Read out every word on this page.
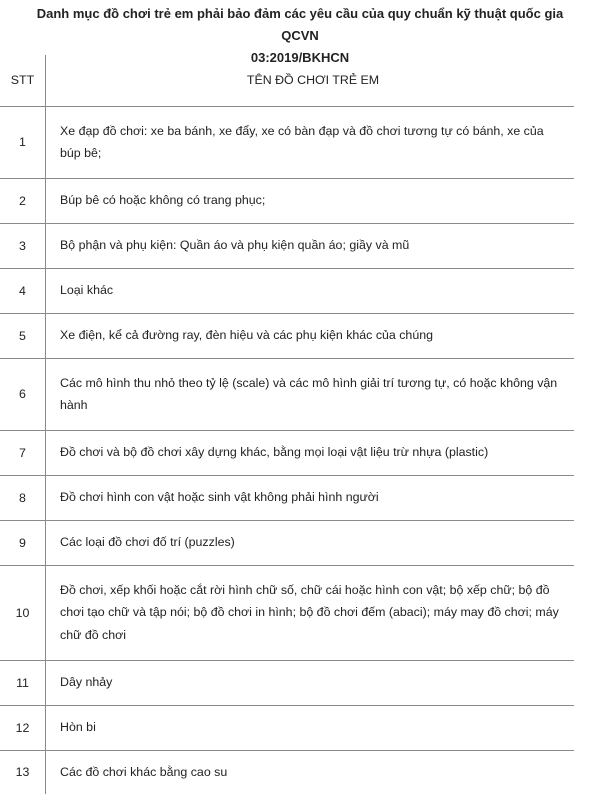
Danh mục đồ chơi trẻ em phải bảo đảm các yêu cầu của quy chuẩn kỹ thuật quốc gia QCVN
03:2019/BKHCN
STT	TÊN ĐỒ CHƠI TRẺ EM
1	Xe đạp đồ chơi: xe ba bánh, xe đẩy, xe có bàn đạp và đồ chơi tương tự có bánh, xe của búp bê;
2	Búp bê có hoặc không có trang phục;
3	Bộ phận và phụ kiện: Quần áo và phụ kiện quần áo; giầy và mũ
4	Loại khác
5	Xe điện, kể cả đường ray, đèn hiệu và các phụ kiện khác của chúng
6	Các mô hình thu nhỏ theo tỷ lệ (scale) và các mô hình giải trí tương tự, có hoặc không vận hành
7	Đồ chơi và bộ đồ chơi xây dựng khác, bằng mọi loại vật liệu trừ nhựa (plastic)
8	Đồ chơi hình con vật hoặc sinh vật không phải hình người
9	Các loại đồ chơi đố trí (puzzles)
10	Đồ chơi, xếp khối hoặc cắt rời hình chữ số, chữ cái hoặc hình con vật; bộ xếp chữ; bộ đồ chơi tạo chữ và tập nói; bộ đồ chơi in hình; bộ đồ chơi đếm (abaci); máy may đồ chơi; máy chữ đồ chơi
11	Dây nhảy
12	Hòn bi
13	Các đồ chơi khác bằng cao su
